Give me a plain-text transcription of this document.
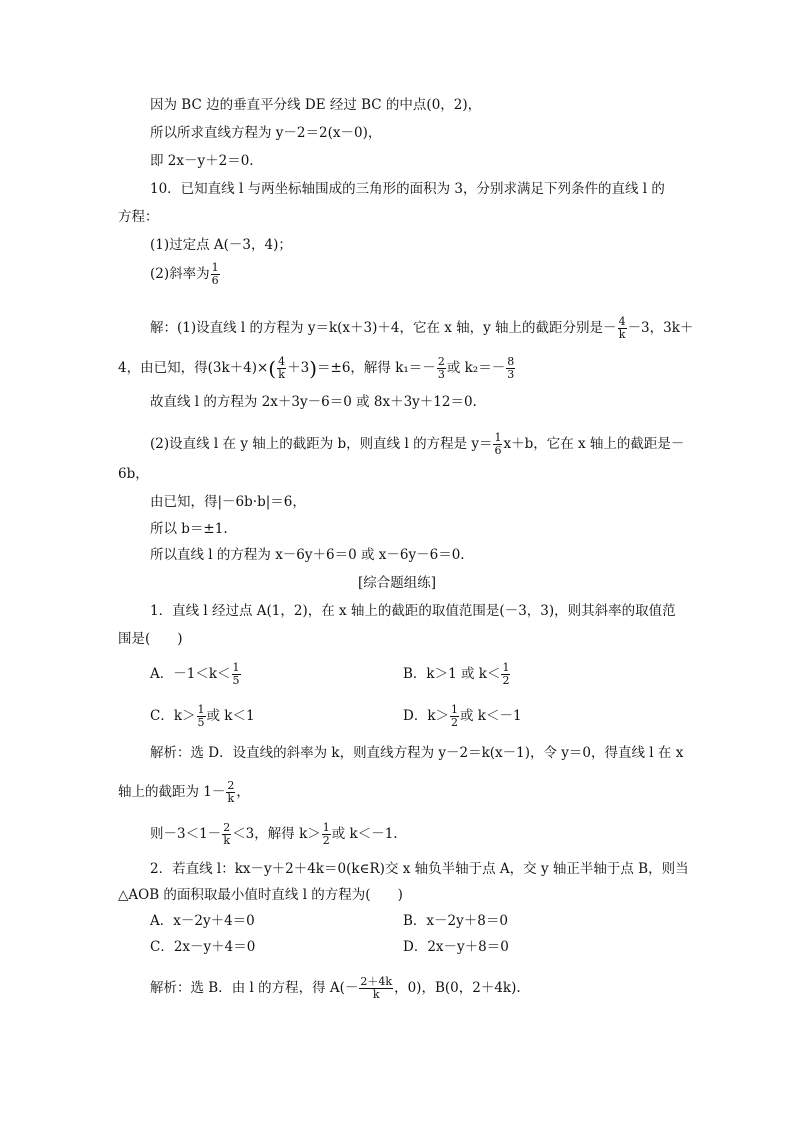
因为 BC 边的垂直平分线 DE 经过 BC 的中点(0，2)，
所以所求直线方程为 y－2＝2(x－0)，
即 2x－y＋2＝0.
10．已知直线 l 与两坐标轴围成的三角形的面积为 3，分别求满足下列条件的直线 l 的
方程：
(1)过定点 A(－3，4)；
(2)斜率为 $\frac{1}{6}$
解：(1)设直线 l 的方程为 y＝k(x＋3)＋4，它在 x 轴，y 轴上的截距分别是－ $\frac{4}{k} -3$，3k＋
4，由已知，得$(3k+4)\times( \frac{4}{k} +3)=\pm 6$，解得 $k_1=- \frac{2}{3}$ 或 $k_2=- \frac{8}{3}$
故直线 l 的方程为 2x＋3y－6＝0 或 8x＋3y＋12＝0.
(2)设直线 l 在 y 轴上的截距为 b，则直线 l 的方程是 $y= \frac{1}{6} x+b$，它在 x 轴上的截距是－
6b，
由已知，得|－6b·b|＝6，
所以 b＝±1.
所以直线 l 的方程为 x－6y＋6＝0 或 x－6y－6＝0.
[综合题组练]
1．直线 l 经过点 A(1，2)，在 x 轴上的截距的取值范围是(－3，3)，则其斜率的取值范
围是(　　)
A．$-1<k< \frac{1}{5}$	B．k＞1 或 $k< \frac{1}{2}$
C．$k> \frac{1}{5}$ 或 k＜1	D．$k> \frac{1}{2}$ 或 k＜－1
解析：选 D．设直线的斜率为 k，则直线方程为 y－2＝k(x－1)，令 y＝0，得直线 l 在 x
轴上的截距为 $1- \frac{2}{k}$ ，
则$-3<1- \frac{2}{k} <3$，解得 $k> \frac{1}{2}$ 或 k＜－1.
2．若直线 l：kx－y＋2＋4k＝0(k∈R)交 x 轴负半轴于点 A，交 y 轴正半轴于点 B，则当
△AOB 的面积取最小值时直线 l 的方程为(　　)
A．x－2y＋4＝0	B．x－2y＋8＝0
C．2x－y＋4＝0	D．2x－y＋8＝0
解析：选 B．由 l 的方程，得 $A(- \frac{2+4k}{k}$ ，0)，B(0，2＋4k).
